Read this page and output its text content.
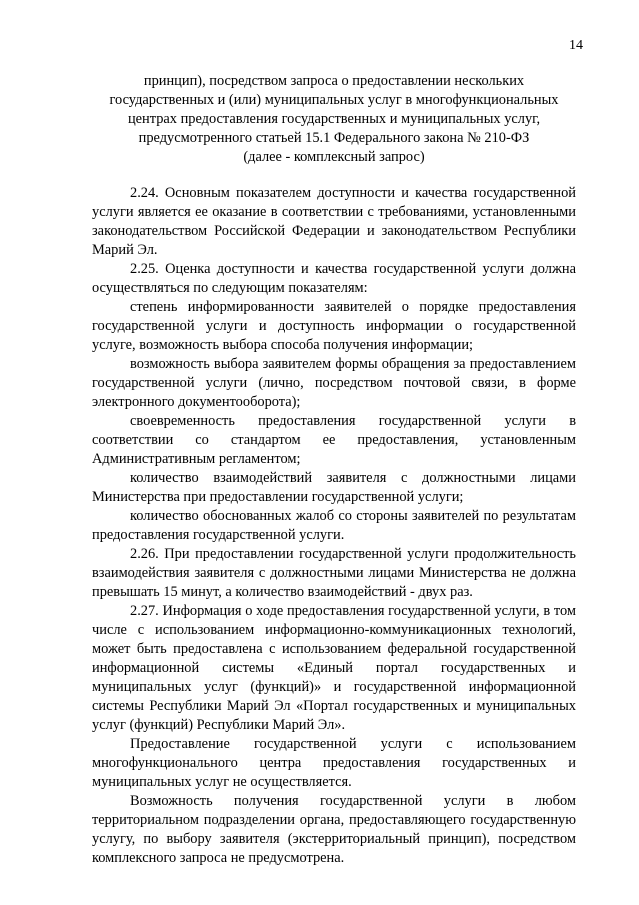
14
принцип), посредством запроса о предоставлении нескольких
государственных и (или) муниципальных услуг в многофункциональных
центрах предоставления государственных и муниципальных услуг,
предусмотренного статьей 15.1 Федерального закона № 210-ФЗ
(далее - комплексный запрос)

2.24. Основным показателем доступности и качества государственной услуги является ее оказание в соответствии с требованиями, установленными законодательством Российской Федерации и законодательством Республики Марий Эл.

2.25. Оценка доступности и качества государственной услуги должна осуществляться по следующим показателям:

степень информированности заявителей о порядке предоставления государственной услуги и доступность информации о государственной услуге, возможность выбора способа получения информации;

возможность выбора заявителем формы обращения за предоставлением государственной услуги (лично, посредством почтовой связи, в форме электронного документооборота);

своевременность предоставления государственной услуги в соответствии со стандартом ее предоставления, установленным Административным регламентом;

количество взаимодействий заявителя с должностными лицами Министерства при предоставлении государственной услуги;

количество обоснованных жалоб со стороны заявителей по результатам предоставления государственной услуги.

2.26. При предоставлении государственной услуги продолжительность взаимодействия заявителя с должностными лицами Министерства не должна превышать 15 минут, а количество взаимодействий - двух раз.

2.27. Информация о ходе предоставления государственной услуги, в том числе с использованием информационно-коммуникационных технологий, может быть предоставлена с использованием федеральной государственной информационной системы «Единый портал государственных и муниципальных услуг (функций)» и государственной информационной системы Республики Марий Эл «Портал государственных и муниципальных услуг (функций) Республики Марий Эл».

Предоставление государственной услуги с использованием многофункционального центра предоставления государственных и муниципальных услуг не осуществляется.

Возможность получения государственной услуги в любом территориальном подразделении органа, предоставляющего государственную услугу, по выбору заявителя (экстерриториальный принцип), посредством комплексного запроса не предусмотрена.
